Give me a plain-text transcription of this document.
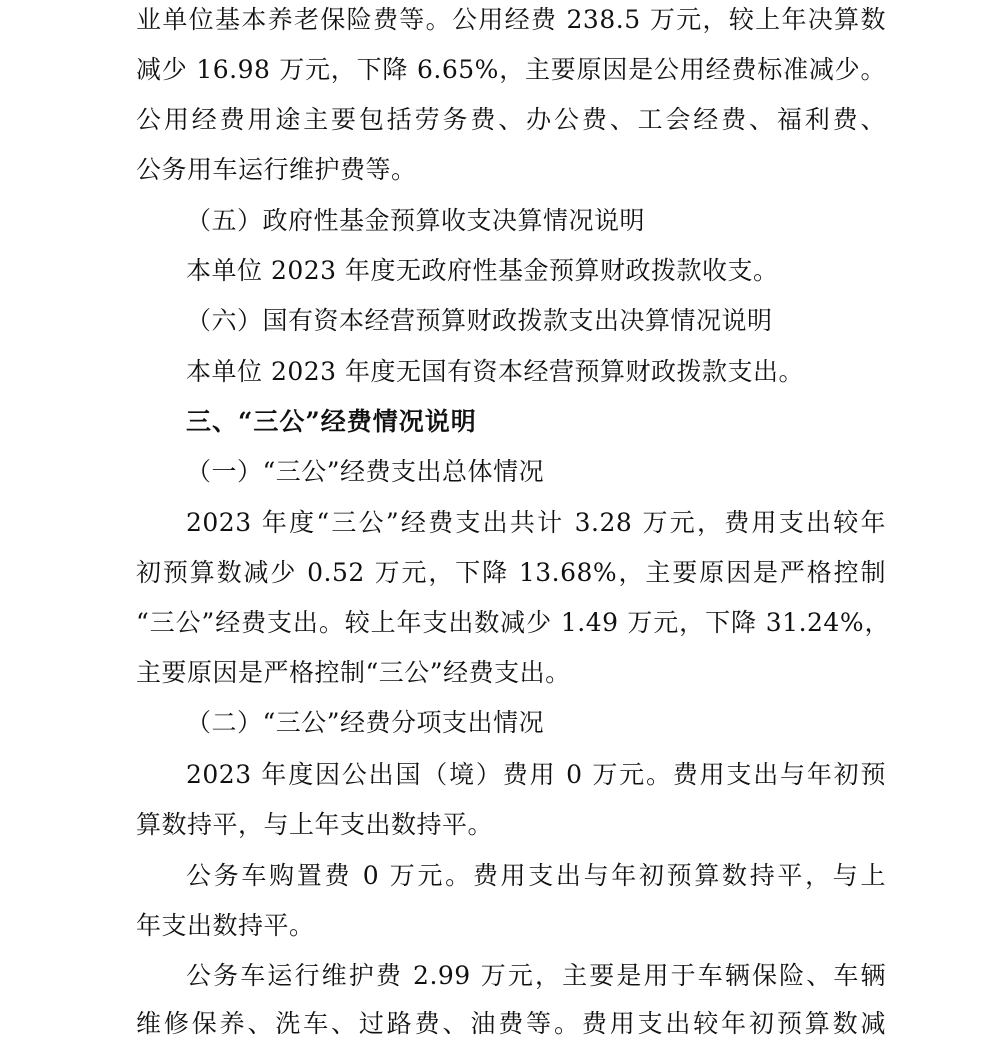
业单位基本养老保险费等。公用经费 238.5 万元，较上年决算数
减少 16.98 万元，下降 6.65%，主要原因是公用经费标准减少。
公用经费用途主要包括劳务费、办公费、工会经费、福利费、
公务用车运行维护费等。
（五）政府性基金预算收支决算情况说明
本单位 2023 年度无政府性基金预算财政拨款收支。
（六）国有资本经营预算财政拨款支出决算情况说明
本单位 2023 年度无国有资本经营预算财政拨款支出。
三、“三公”经费情况说明
（一）“三公”经费支出总体情况
2023 年度“三公”经费支出共计 3.28 万元，费用支出较年
初预算数减少 0.52 万元，下降 13.68%，主要原因是严格控制
“三公”经费支出。较上年支出数减少 1.49 万元，下降 31.24%，
主要原因是严格控制“三公”经费支出。
（二）“三公”经费分项支出情况
2023 年度因公出国（境）费用 0 万元。费用支出与年初预
算数持平，与上年支出数持平。
公务车购置费 0 万元。费用支出与年初预算数持平，与上
年支出数持平。
公务车运行维护费 2.99 万元，主要是用于车辆保险、车辆
维修保养、洗车、过路费、油费等。费用支出较年初预算数减
